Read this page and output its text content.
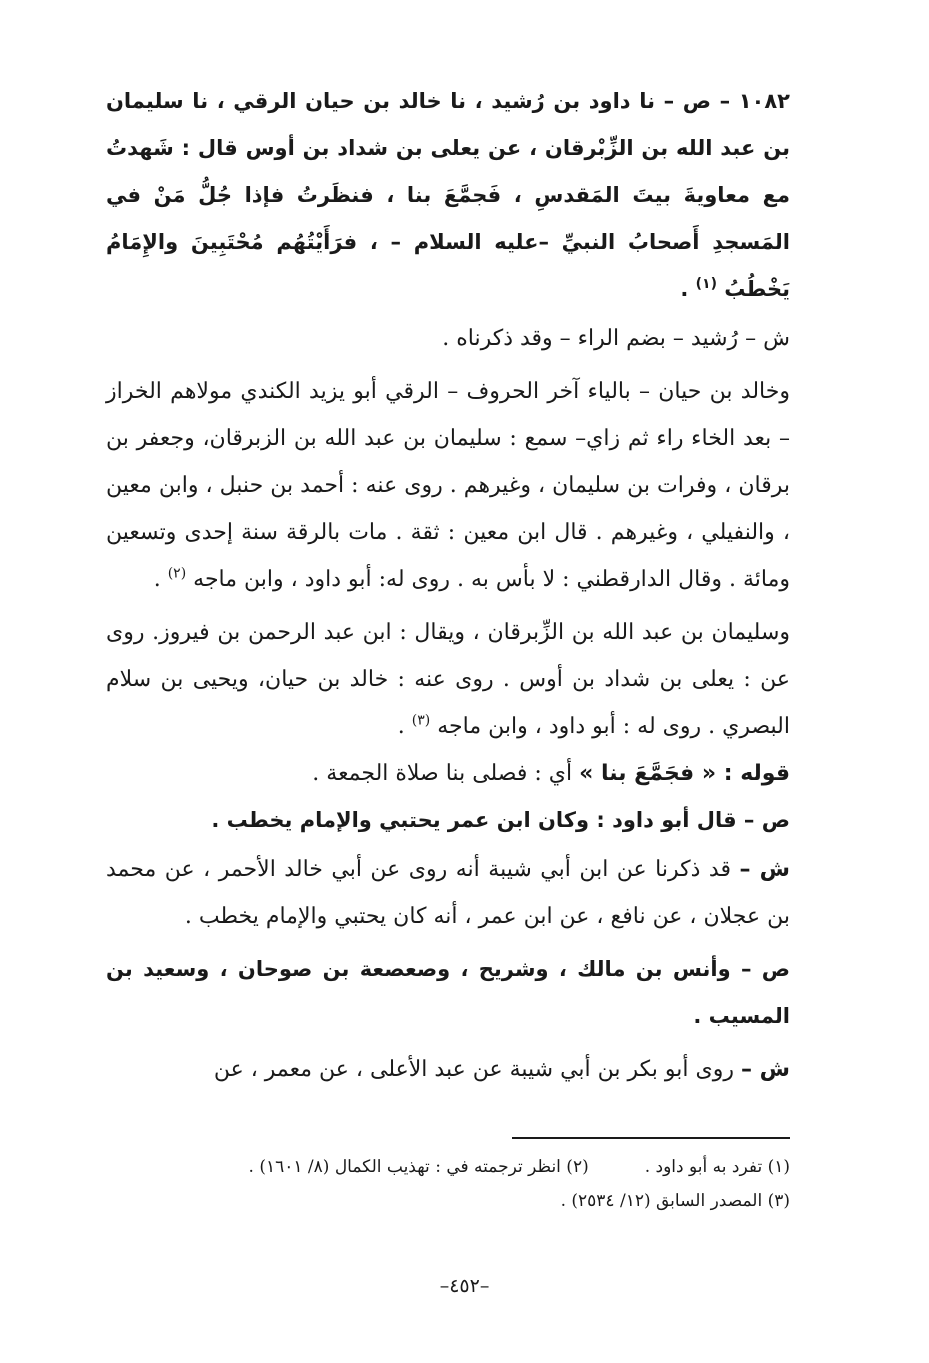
١٠٨٢ – ص – نا داود بن رُشيد ، نا خالد بن حيان الرقي ، نا سليمان بن عبد الله بن الزِّبْرقان ، عن يعلى بن شداد بن أوس قال : شَهدتُ مع معاويةَ بيتَ المَقدسِ ، فَجمَّعَ بنا ، فنظَرتُ فإذا جُلُّ مَنْ في المَسجدِ أَصحابُ النبيِّ –عليه السلام – ، فرَأَيْتُهُم مُحْتَبِينَ والإِمَامُ يَخْطُبُ $^{(١)}$ .

ش – رُشيد – بضم الراء – وقد ذكرناه .

وخالد بن حيان – بالياء آخر الحروف – الرقي أبو يزيد الكندي مولاهم الخراز – بعد الخاء راء ثم زاي– سمع : سليمان بن عبد الله بن الزبرقان، وجعفر بن برقان ، وفرات بن سليمان ، وغيرهم . روى عنه : أحمد بن حنبل ، وابن معين ، والنفيلي ، وغيرهم . قال ابن معين : ثقة . مات بالرقة سنة إحدى وتسعين ومائة . وقال الدارقطني : لا بأس به . روى له: أبو داود ، وابن ماجه $^{(٢)}$ .

وسليمان بن عبد الله بن الزِّبرقان ، ويقال : ابن عبد الرحمن بن فيروز. روى عن : يعلى بن شداد بن أوس . روى عنه : خالد بن حيان، ويحيى بن سلام البصري . روى له : أبو داود ، وابن ماجه $^{(٣)}$ .

قوله : « فجَمَّعَ بنا » أي : فصلى بنا صلاة الجمعة .

ص – قال أبو داود : وكان ابن عمر يحتبي والإمام يخطب .

ش – قد ذكرنا عن ابن أبي شيبة أنه روى عن أبي خالد الأحمر ، عن محمد بن عجلان ، عن نافع ، عن ابن عمر ، أنه كان يحتبي والإمام يخطب .

ص – وأنس بن مالك ، وشريح ، وصعصعة بن صوحان ، وسعيد بن المسيب .

ش – روى أبو بكر بن أبي شيبة عن عبد الأعلى ، عن معمر ، عن

(١) تفرد به أبو داود .
(٢) انظر ترجمته في : تهذيب الكمال (٨/ ١٦٠١) .
(٣) المصدر السابق (١٢/ ٢٥٣٤) .
–٤٥٢–
